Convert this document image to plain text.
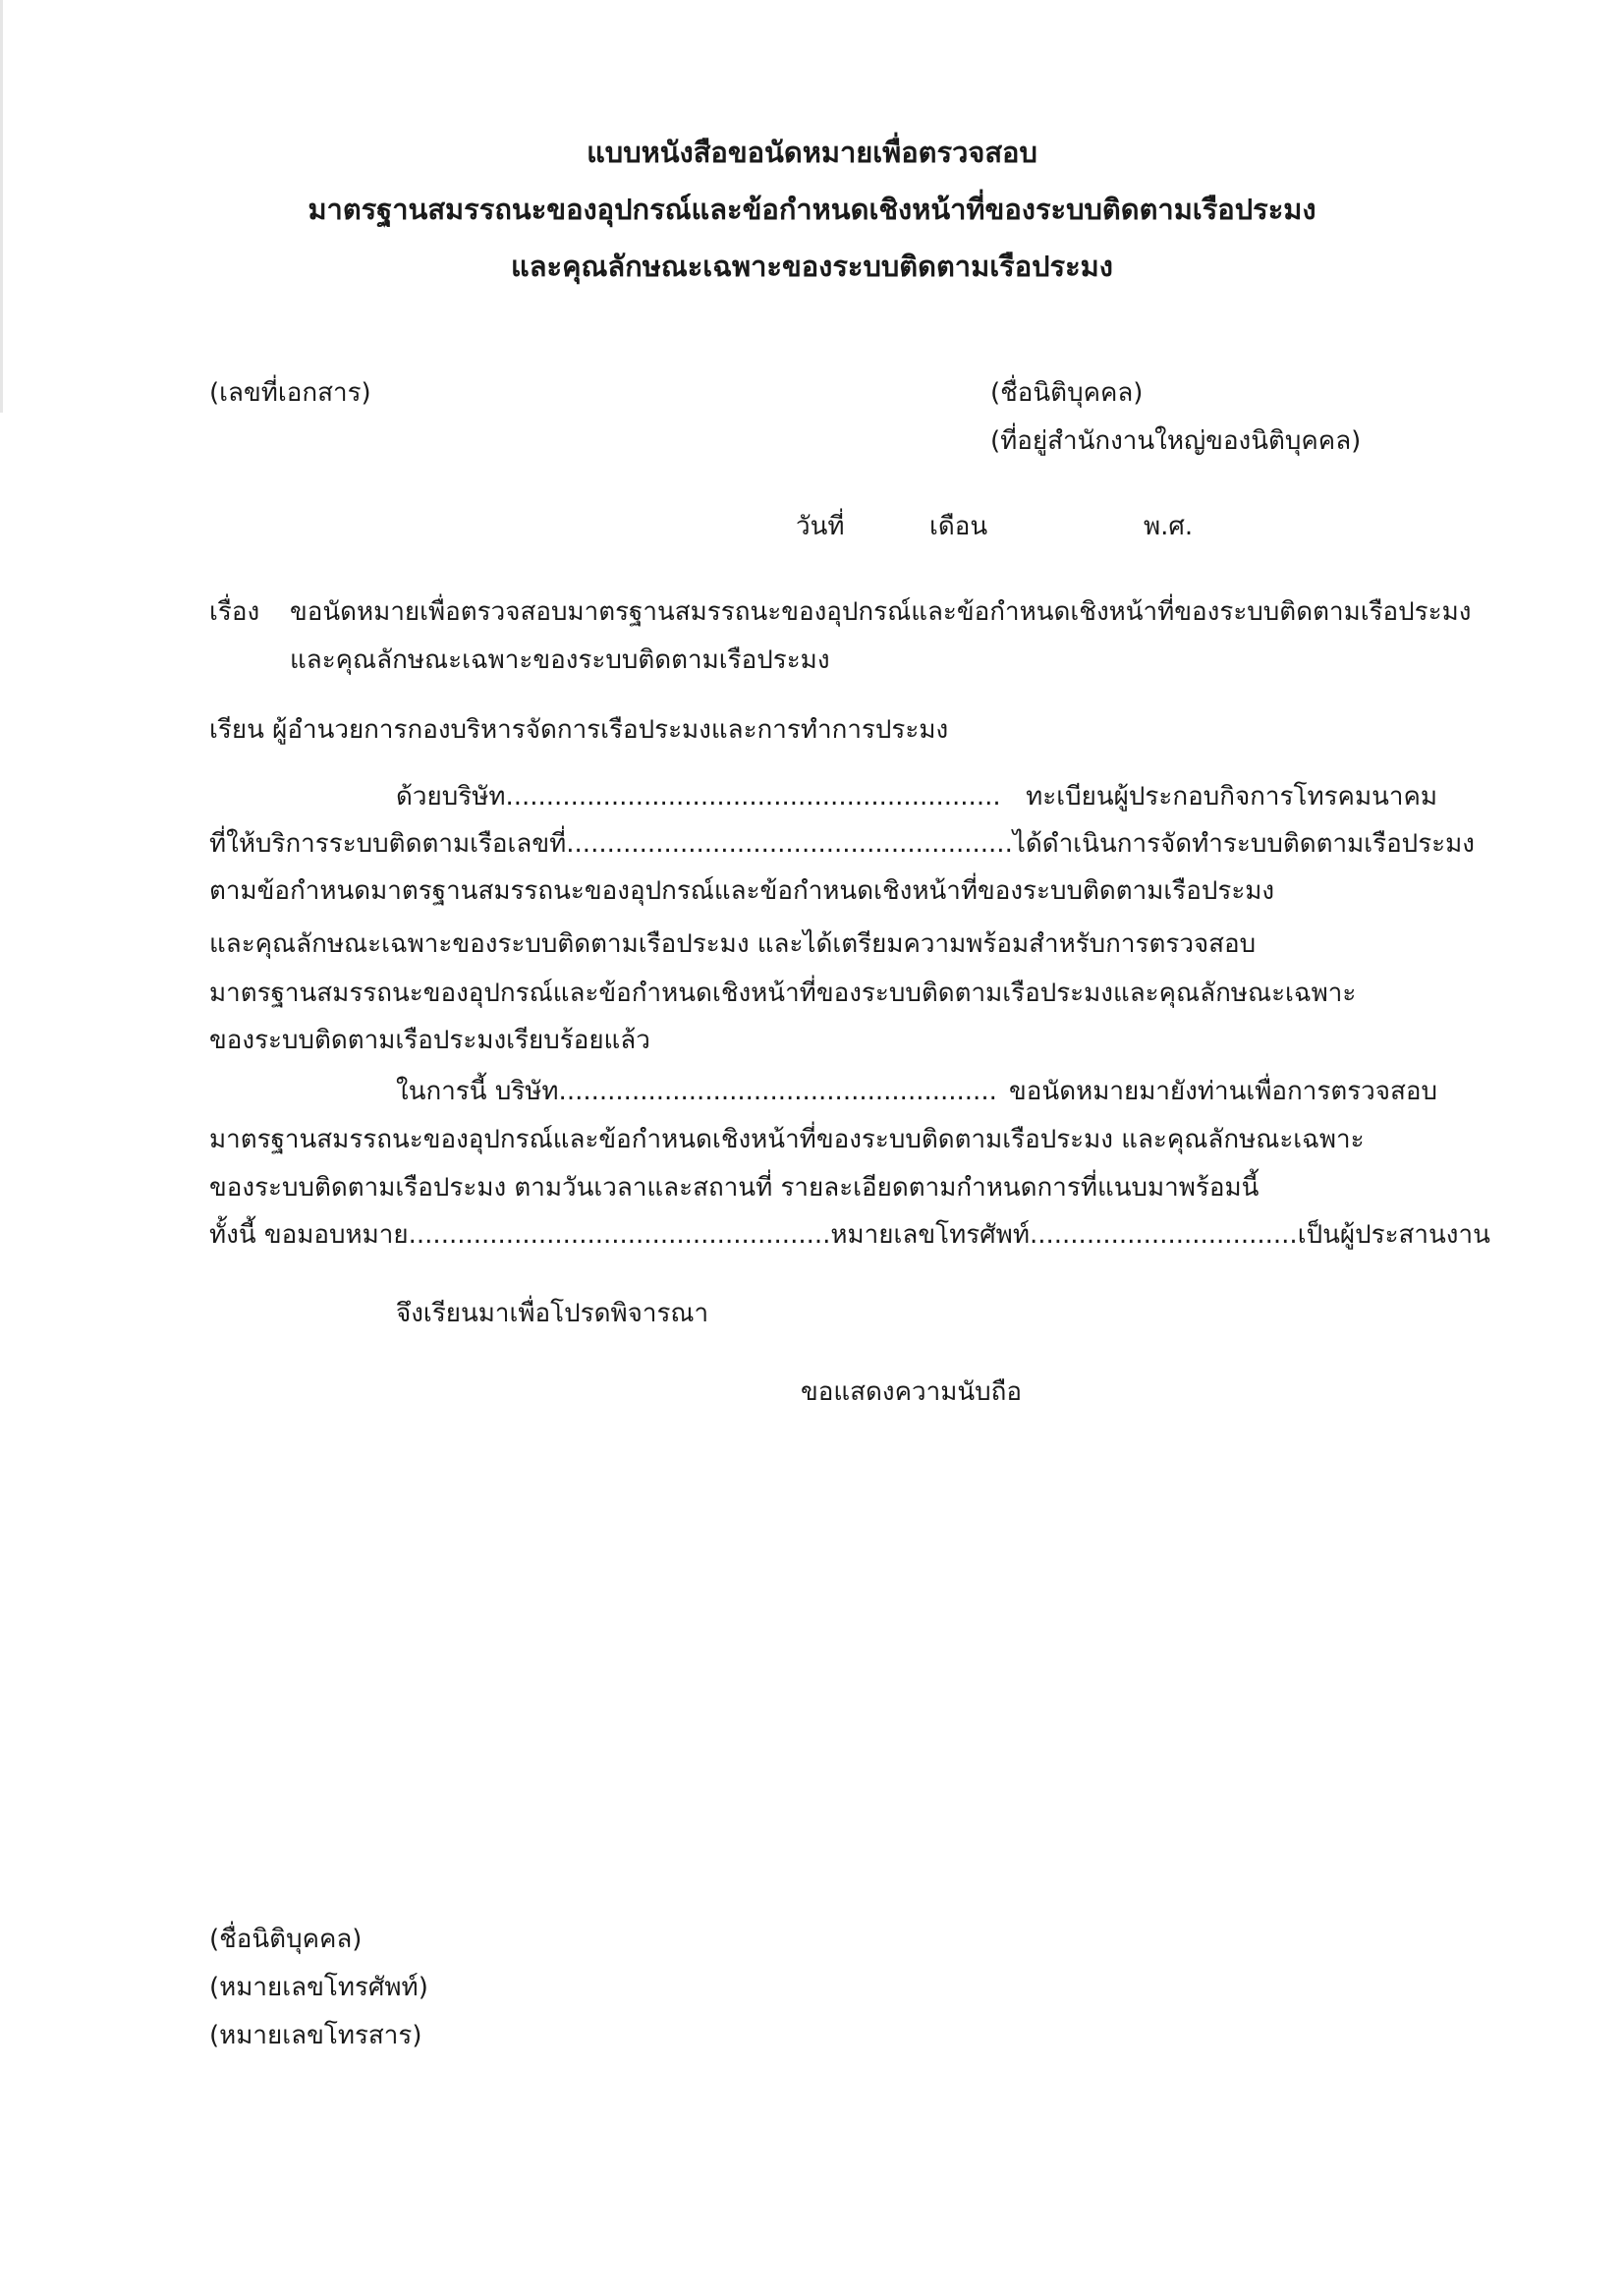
แบบหนังสือขอนัดหมายเพื่อตรวจสอบ
มาตรฐานสมรรถนะของอุปกรณ์และข้อกำหนดเชิงหน้าที่ของระบบติดตามเรือประมง
และคุณลักษณะเฉพาะของระบบติดตามเรือประมง
(เลขที่เอกสาร)	(ชื่อนิติบุคคล)
(ที่อยู่สำนักงานใหญ่ของนิติบุคคล)
วันที่	เดือน	พ.ศ.
เรื่อง ขอนัดหมายเพื่อตรวจสอบมาตรฐานสมรรถนะของอุปกรณ์และข้อกำหนดเชิงหน้าที่ของระบบติดตามเรือประมง
และคุณลักษณะเฉพาะของระบบติดตามเรือประมง
เรียน ผู้อำนวยการกองบริหารจัดการเรือประมงและการทำการประมง
ด้วยบริษัท............................................................. ทะเบียนผู้ประกอบกิจการโทรคมนาคม
ที่ให้บริการระบบติดตามเรือเลขที่....................................................... ได้ดำเนินการจัดทำระบบติดตามเรือประมง
ตามข้อกำหนดมาตรฐานสมรรถนะของอุปกรณ์และข้อกำหนดเชิงหน้าที่ของระบบติดตามเรือประมง
และคุณลักษณะเฉพาะของระบบติดตามเรือประมง และได้เตรียมความพร้อมสำหรับการตรวจสอบ
มาตรฐานสมรรถนะของอุปกรณ์และข้อกำหนดเชิงหน้าที่ของระบบติดตามเรือประมงและคุณลักษณะเฉพาะ
ของระบบติดตามเรือประมงเรียบร้อยแล้ว
ในการนี้ บริษัท...................................................... ขอนัดหมายมายังท่านเพื่อการตรวจสอบ
มาตรฐานสมรรถนะของอุปกรณ์และข้อกำหนดเชิงหน้าที่ของระบบติดตามเรือประมง และคุณลักษณะเฉพาะ
ของระบบติดตามเรือประมง ตามวันเวลาและสถานที่ รายละเอียดตามกำหนดการที่แนบมาพร้อมนี้
ทั้งนี้ ขอมอบหมาย.................................................... หมายเลขโทรศัพท์................................. เป็นผู้ประสานงาน
จึงเรียนมาเพื่อโปรดพิจารณา
ขอแสดงความนับถือ
(ชื่อนิติบุคคล)
(หมายเลขโทรศัพท์)
(หมายเลขโทรสาร)
